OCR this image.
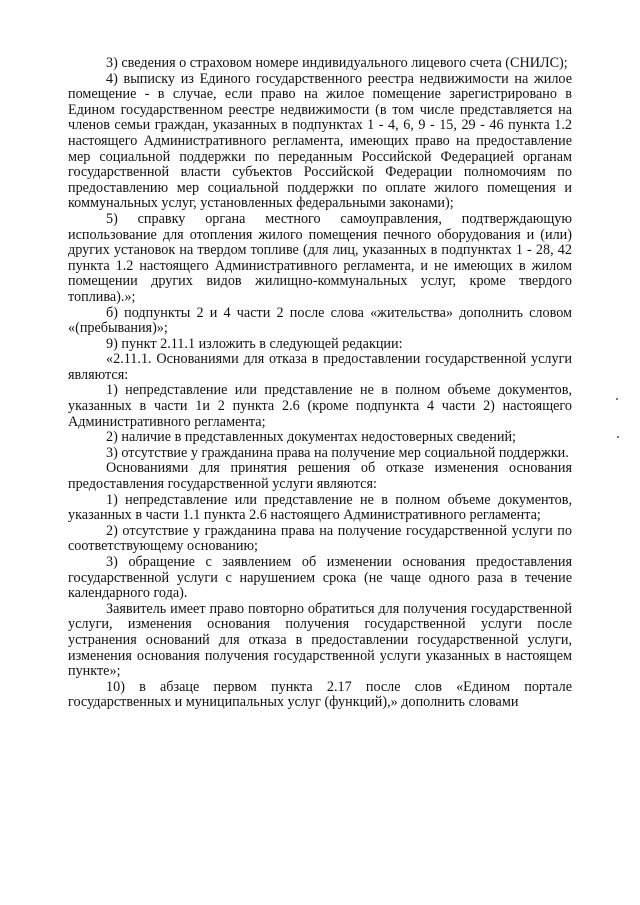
3) сведения о страховом номере индивидуального лицевого счета (СНИЛС);

4) выписку из Единого государственного реестра недвижимости на жилое помещение - в случае, если право на жилое помещение зарегистрировано в Едином государственном реестре недвижимости (в том числе представляется на членов семьи граждан, указанных в подпунктах 1 - 4, 6, 9 - 15, 29 - 46 пункта 1.2 настоящего Административного регламента, имеющих право на предоставление мер социальной поддержки по переданным Российской Федерацией органам государственной власти субъектов Российской Федерации полномочиям по предоставлению мер социальной поддержки по оплате жилого помещения и коммунальных услуг, установленных федеральными законами);

5) справку органа местного самоуправления, подтверждающую использование для отопления жилого помещения печного оборудования и (или) других установок на твердом топливе (для лиц, указанных в подпунктах 1 - 28, 42 пункта 1.2 настоящего Административного регламента, и не имеющих в жилом помещении других видов жилищно-коммунальных услуг, кроме твердого топлива).»;

б) подпункты 2 и 4 части 2 после слова «жительства» дополнить словом «(пребывания)»;

9) пункт 2.11.1 изложить в следующей редакции:

«2.11.1. Основаниями для отказа в предоставлении государственной услуги являются:

1) непредставление или представление не в полном объеме документов, указанных в части 1и 2 пункта 2.6 (кроме подпункта 4 части 2) настоящего Административного регламента;

2) наличие в представленных документах недостоверных сведений;

3) отсутствие у гражданина права на получение мер социальной поддержки.

Основаниями для принятия решения об отказе изменения основания предоставления государственной услуги являются:

1) непредставление или представление не в полном объеме документов, указанных в части 1.1 пункта 2.6 настоящего Административного регламента;

2) отсутствие у гражданина права на получение государственной услуги по соответствующему основанию;

3) обращение с заявлением об изменении основания предоставления государственной услуги с нарушением срока (не чаще одного раза в течение календарного года).

Заявитель имеет право повторно обратиться для получения государственной услуги, изменения основания получения государственной услуги после устранения оснований для отказа в предоставлении государственной услуги, изменения основания получения государственной услуги указанных в настоящем пункте»;

10) в абзаце первом пункта 2.17 после слов «Едином портале государственных и муниципальных услуг (функций),» дополнить словами
